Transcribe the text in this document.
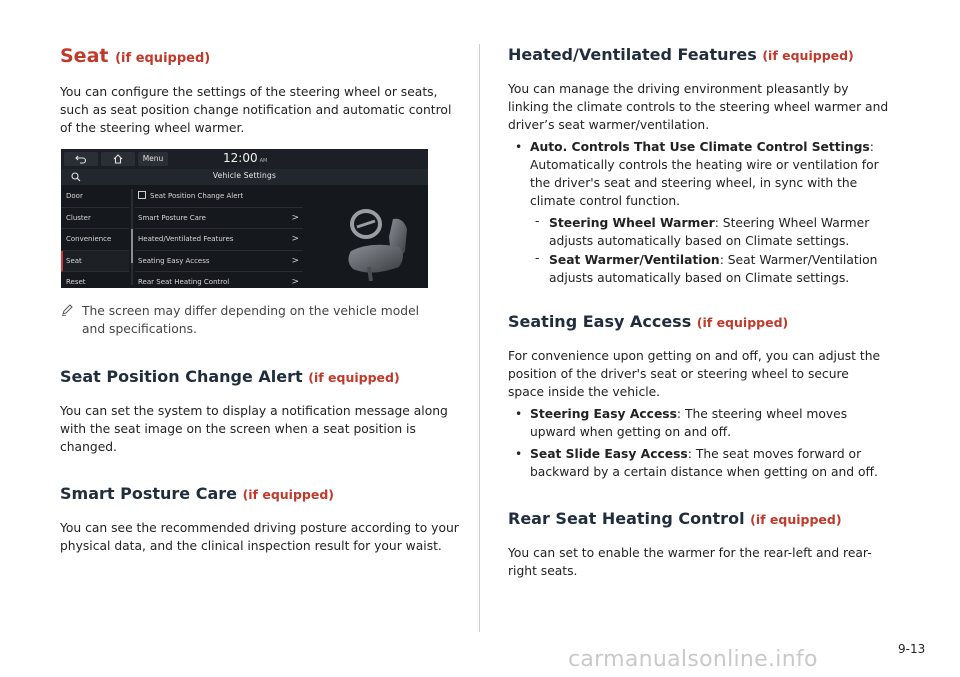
Seat (if equipped)
You can configure the settings of the steering wheel or seats, such as seat position change notification and automatic control of the steering wheel warmer.
Menu	12:00 AM
Vehicle Settings
Door
Cluster
Convenience
Seat
Reset
Seat Position Change Alert
Smart Posture Care	>
Heated/Ventilated Features	>
Seating Easy Access	>
Rear Seat Heating Control	>
The screen may differ depending on the vehicle model and specifications.
Seat Position Change Alert (if equipped)
You can set the system to display a notification message along with the seat image on the screen when a seat position is changed.
Smart Posture Care (if equipped)
You can see the recommended driving posture according to your physical data, and the clinical inspection result for your waist.
Heated/Ventilated Features (if equipped)
You can manage the driving environment pleasantly by linking the climate controls to the steering wheel warmer and driver’s seat warmer/ventilation.
• Auto. Controls That Use Climate Control Settings: Automatically controls the heating wire or ventilation for the driver's seat and steering wheel, in sync with the climate control function.
- Steering Wheel Warmer: Steering Wheel Warmer adjusts automatically based on Climate settings.
- Seat Warmer/Ventilation: Seat Warmer/Ventilation adjusts automatically based on Climate settings.
Seating Easy Access (if equipped)
For convenience upon getting on and off, you can adjust the position of the driver's seat or steering wheel to secure space inside the vehicle.
• Steering Easy Access: The steering wheel moves upward when getting on and off.
• Seat Slide Easy Access: The seat moves forward or backward by a certain distance when getting on and off.
Rear Seat Heating Control (if equipped)
You can set to enable the warmer for the rear-left and rear-right seats.
9-13
carmanualsonline.info
